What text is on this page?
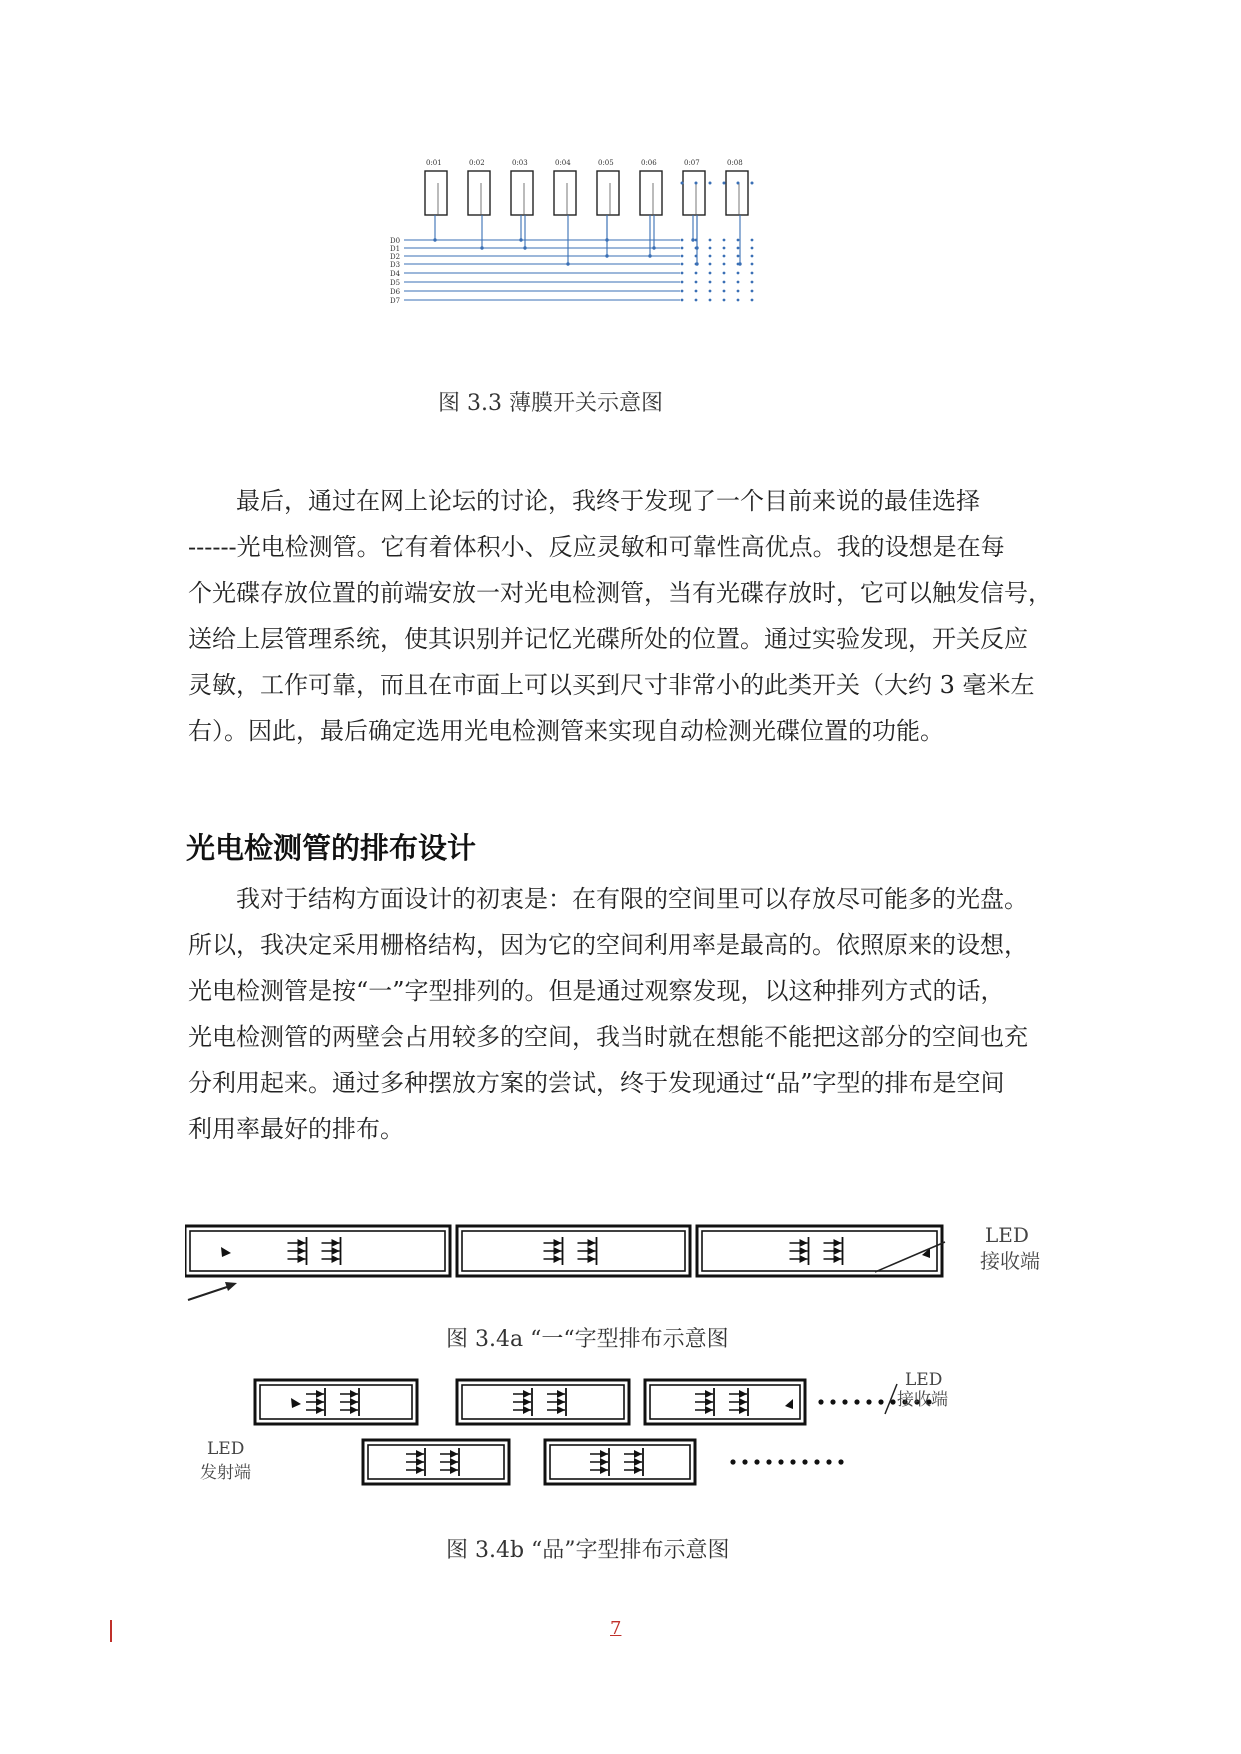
0:01	0:02	0:03	0:04	0:05	0:06	0:07	0:08
D0
D1
D2
D3
D4
D5
D6
D7
图 3.3 薄膜开关示意图
最后，通过在网上论坛的讨论，我终于发现了一个目前来说的最佳选择
------光电检测管。它有着体积小、反应灵敏和可靠性高优点。我的设想是在每
个光碟存放位置的前端安放一对光电检测管，当有光碟存放时，它可以触发信号，
送给上层管理系统，使其识别并记忆光碟所处的位置。通过实验发现，开关反应
灵敏，工作可靠，而且在市面上可以买到尺寸非常小的此类开关（大约 3 毫米左
右）。因此，最后确定选用光电检测管来实现自动检测光碟位置的功能。
光电检测管的排布设计
我对于结构方面设计的初衷是：在有限的空间里可以存放尽可能多的光盘。
所以，我决定采用栅格结构，因为它的空间利用率是最高的。依照原来的设想，
光电检测管是按“一”字型排列的。但是通过观察发现，以这种排列方式的话，
光电检测管的两壁会占用较多的空间，我当时就在想能不能把这部分的空间也充
分利用起来。通过多种摆放方案的尝试，终于发现通过“品”字型的排布是空间
利用率最好的排布。
LED
接收端
图 3.4a “一“字型排布示意图
LED
接收端
LED
发射端
图 3.4b “品”字型排布示意图
7
